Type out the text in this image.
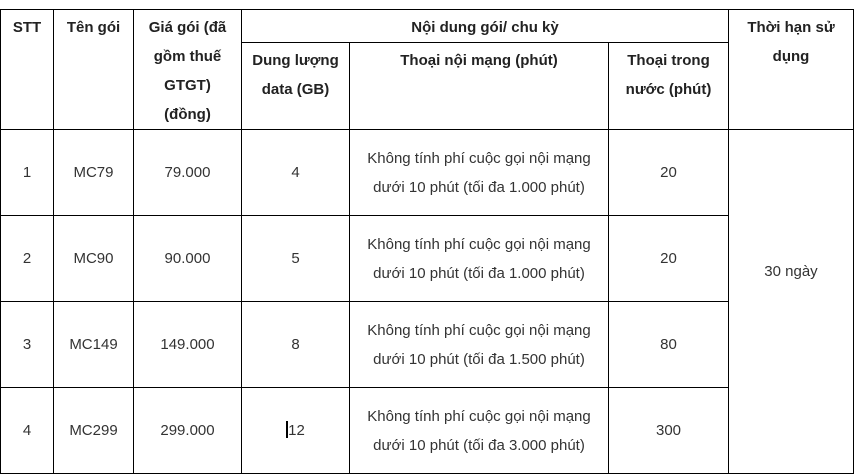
STT	Tên gói	Giá gói (đã gồm thuế GTGT) (đồng)	Nội dung gói/ chu kỳ			Thời hạn sử dụng
			Dung lượng data (GB)	Thoại nội mạng (phút)	Thoại trong nước (phút)	
1	MC79	79.000	4	Không tính phí cuộc gọi nội mạng dưới 10 phút (tối đa 1.000 phút)	20	30 ngày
2	MC90	90.000	5	Không tính phí cuộc gọi nội mạng dưới 10 phút (tối đa 1.000 phút)	20	
3	MC149	149.000	8	Không tính phí cuộc gọi nội mạng dưới 10 phút (tối đa 1.500 phút)	80	
4	MC299	299.000	12	Không tính phí cuộc gọi nội mạng dưới 10 phút (tối đa 3.000 phút)	300	
